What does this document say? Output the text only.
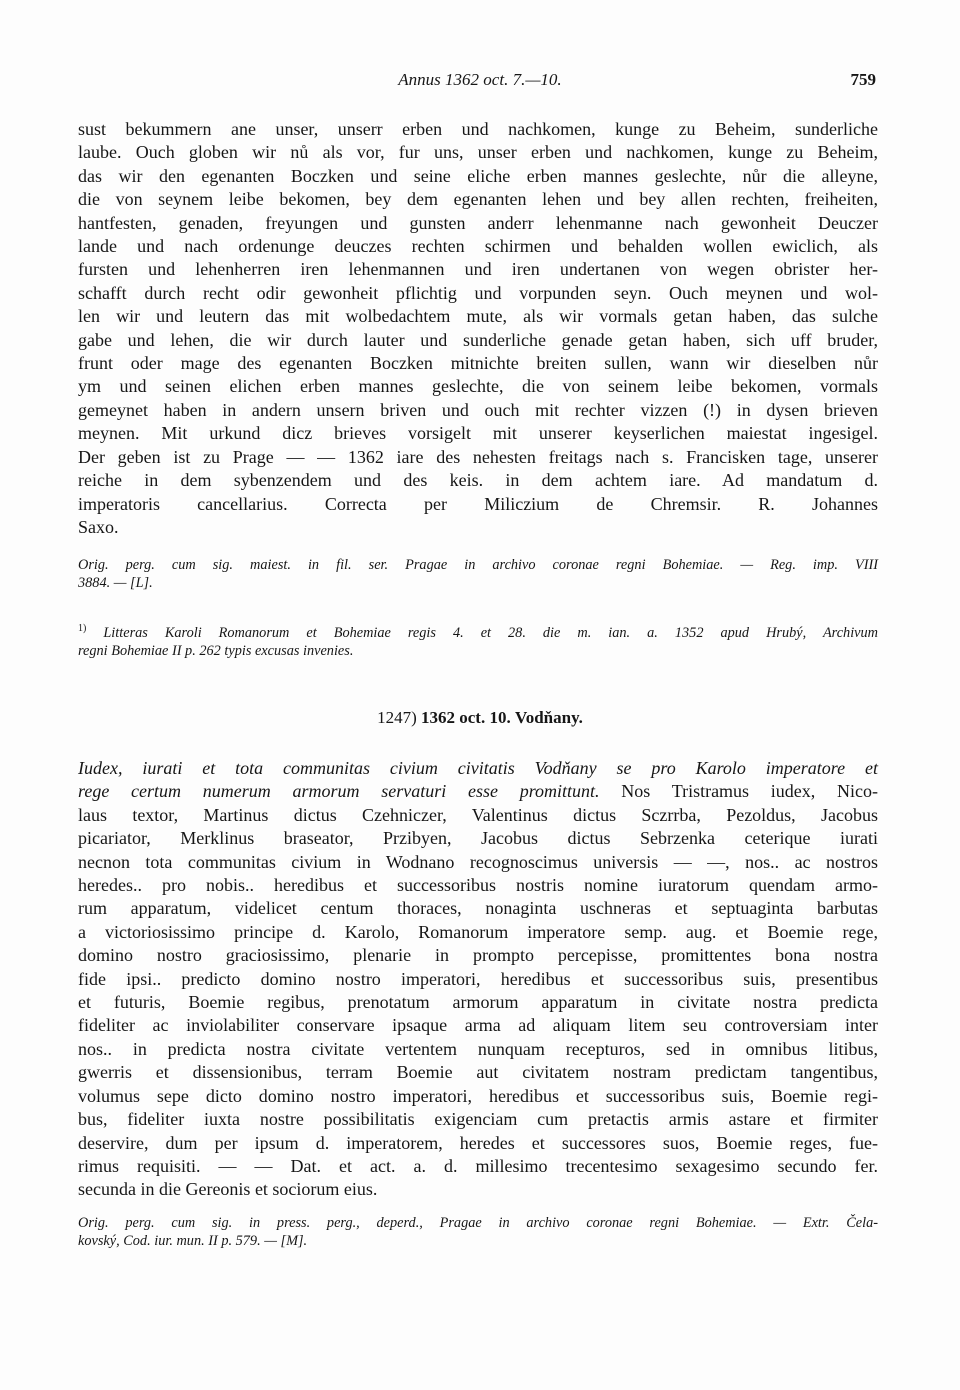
Annus 1362 oct. 7.—10.	759
sust bekummern ane unser, unserr erben und nachkomen, kunge zu Beheim, sunderliche
laube. Ouch globen wir nů als vor, fur uns, unser erben und nachkomen, kunge zu Beheim,
das wir den egenanten Boczken und seine eliche erben mannes geslechte, nůr die alleyne,
die von seynem leibe bekomen, bey dem egenanten lehen und bey allen rechten, freiheiten,
hantfesten, genaden, freyungen und gunsten anderr lehenmanne nach gewonheit Deuczer
lande und nach ordenunge deuczes rechten schirmen und behalden wollen ewiclich, als
fursten und lehenherren iren lehenmannen und iren undertanen von wegen obrister her-
schafft durch recht odir gewonheit pflichtig und vorpunden seyn. Ouch meynen und wol-
len wir und leutern das mit wolbedachtem mute, als wir vormals getan haben, das sulche
gabe und lehen, die wir durch lauter und sunderliche genade getan haben, sich uff bruder,
frunt oder mage des egenanten Boczken mitnichte breiten sullen, wann wir dieselben nůr
ym und seinen elichen erben mannes geslechte, die von seinem leibe bekomen, vormals
gemeynet haben in andern unsern briven und ouch mit rechter vizzen (!) in dysen brieven
meynen. Mit urkund dicz brieves vorsigelt mit unserer keyserlichen maiestat ingesigel.
Der geben ist zu Prage — — 1362 iare des nehesten freitags nach s. Francisken tage, unserer
reiche in dem sybenzendem und des keis. in dem achtem iare. Ad mandatum d.
imperatoris cancellarius. Correcta per Miliczium de Chremsir. R. Johannes
Saxo.
Orig. perg. cum sig. maiest. in fil. ser. Pragae in archivo coronae regni Bohemiae. — Reg. imp. VIII
3884. — [L].
$^{1)}$ Litteras Karoli Romanorum et Bohemiae regis 4. et 28. die m. ian. a. 1352 apud Hrubý, Archivum
regni Bohemiae II p. 262 typis excusas invenies.
1247) 1362 oct. 10. Vodňany.
Iudex, iurati et tota communitas civium civitatis Vodňany se pro Karolo imperatore et
rege certum numerum armorum servaturi esse promittunt. Nos Tristramus iudex, Nico-
laus textor, Martinus dictus Czehniczer, Valentinus dictus Sczrrba, Pezoldus, Jacobus
picariator, Merklinus braseator, Przibyen, Jacobus dictus Sebrzenka ceterique iurati
necnon tota communitas civium in Wodnano recognoscimus universis — —, nos.. ac nostros
heredes.. pro nobis.. heredibus et successoribus nostris nomine iuratorum quendam armo-
rum apparatum, videlicet centum thoraces, nonaginta uschneras et septuaginta barbutas
a victoriosissimo principe d. Karolo, Romanorum imperatore semp. aug. et Boemie rege,
domino nostro graciosissimo, plenarie in prompto percepisse, promittentes bona nostra
fide ipsi.. predicto domino nostro imperatori, heredibus et successoribus suis, presentibus
et futuris, Boemie regibus, prenotatum armorum apparatum in civitate nostra predicta
fideliter ac inviolabiliter conservare ipsaque arma ad aliquam litem seu controversiam inter
nos.. in predicta nostra civitate vertentem nunquam recepturos, sed in omnibus litibus,
gwerris et dissensionibus, terram Boemie aut civitatem nostram predictam tangentibus,
volumus sepe dicto domino nostro imperatori, heredibus et successoribus suis, Boemie regi-
bus, fideliter iuxta nostre possibilitatis exigenciam cum pretactis armis astare et firmiter
deservire, dum per ipsum d. imperatorem, heredes et successores suos, Boemie reges, fue-
rimus requisiti. — — Dat. et act. a. d. millesimo trecentesimo sexagesimo secundo fer.
secunda in die Gereonis et sociorum eius.
Orig. perg. cum sig. in press. perg., deperd., Pragae in archivo coronae regni Bohemiae. — Extr. Čela-
kovský, Cod. iur. mun. II p. 579. — [M].
